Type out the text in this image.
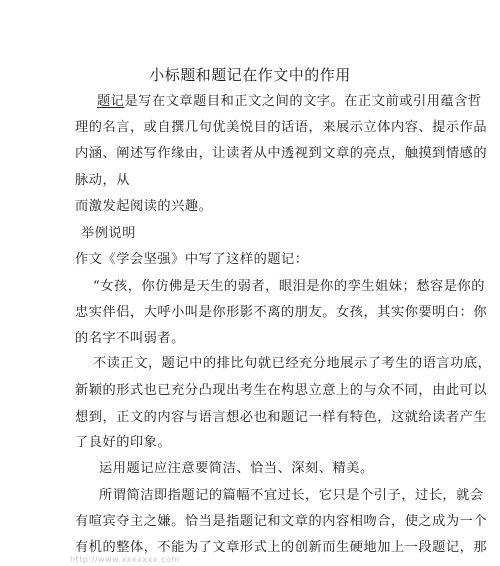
小标题和题记在作文中的作用
题记是写在文章题目和正文之间的文字。在正文前或引用蕴含哲
理的名言，或自撰几句优美悦目的话语，来展示立体内容、提示作品
内涵、阐述写作缘由，让读者从中透视到文章的亮点，触摸到情感的
脉动，从
而激发起阅读的兴趣。
举例说明
作文《学会坚强》中写了这样的题记：
“女孩，你仿佛是天生的弱者，眼泪是你的孪生姐妹；愁容是你的
忠实伴侣，大呼小叫是你形影不离的朋友。女孩，其实你要明白：你
的名字不叫弱者。
不读正文，题记中的排比句就已经充分地展示了考生的语言功底，
新颖的形式也已充分凸现出考生在构思立意上的与众不同，由此可以
想到，正文的内容与语言想必也和题记一样有特色，这就给读者产生
了良好的印象。
运用题记应注意要简洁、恰当、深刻、精美。
所谓简洁即指题记的篇幅不宜过长，它只是个引子，过长，就会
有喧宾夺主之嫌。恰当是指题记和文章的内容相吻合，使之成为一个
有机的整体，不能为了文章形式上的创新而生硬地加上一段题记，那
http://www.xxxxxxx.com
